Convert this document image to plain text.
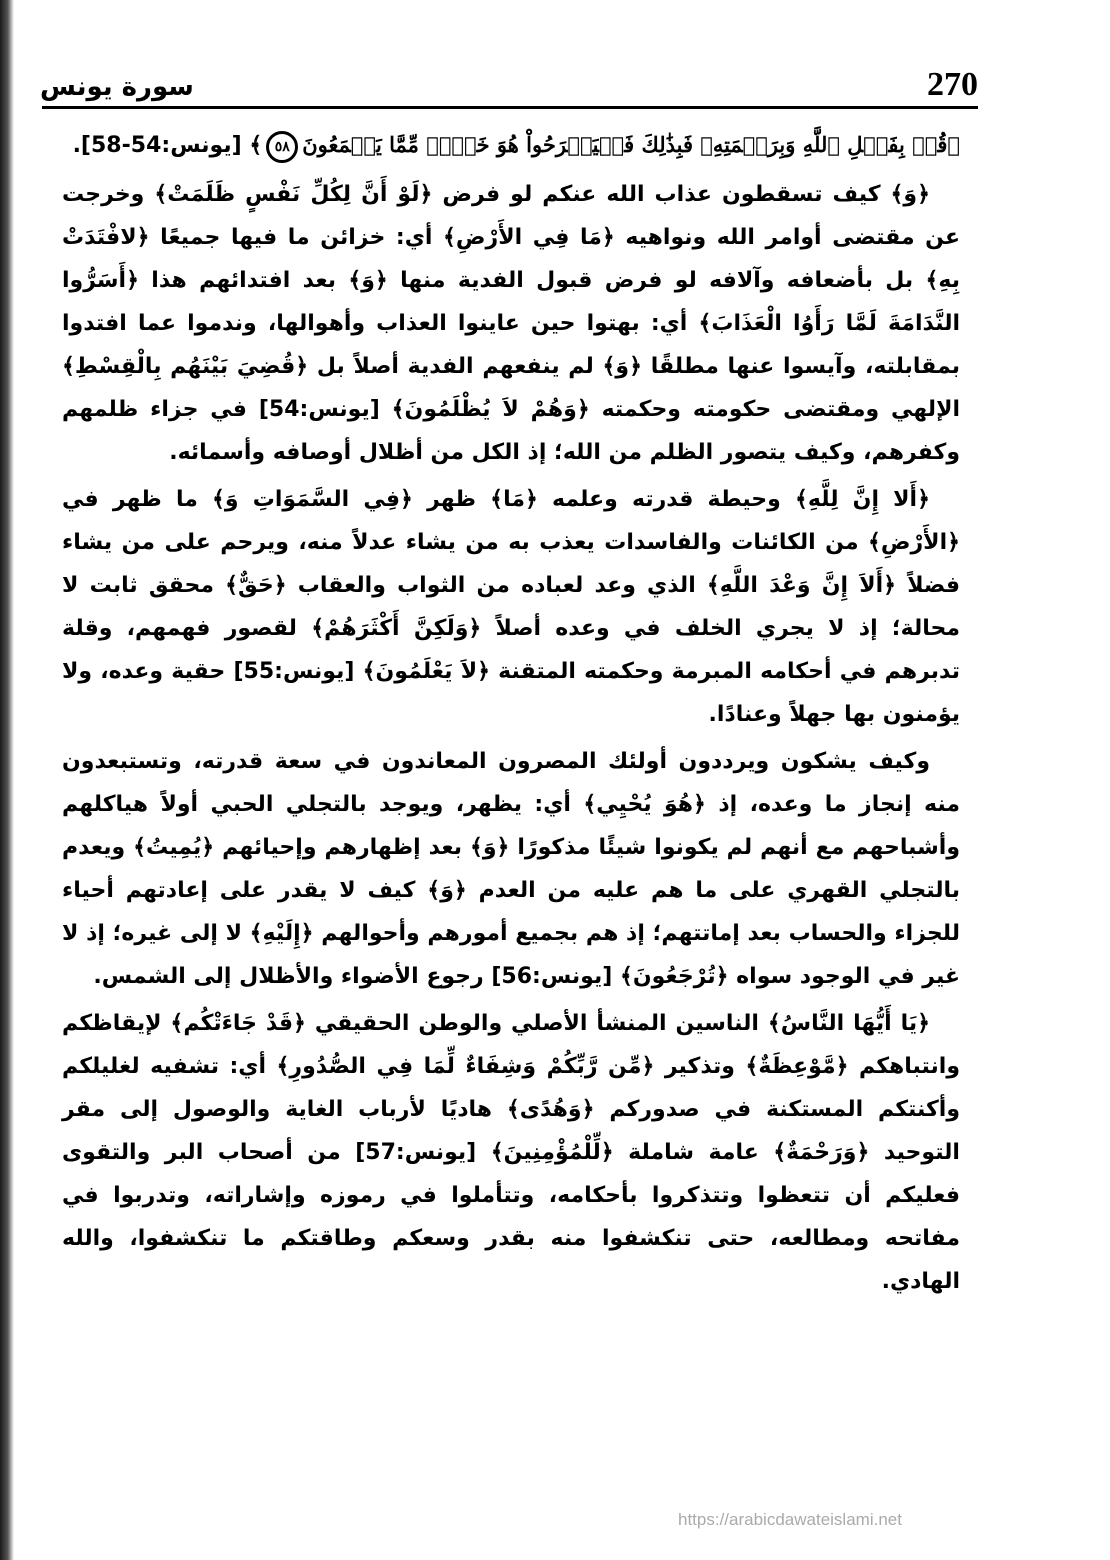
270
سورة يونس
﴿قُلۡ بِفَضۡلِ ٱللَّهِ وَبِرَحۡمَتِهِۦ فَبِذَٰلِكَ فَلۡيَفۡرَحُواْ هُوَ خَيۡرٞ مِّمَّا يَجۡمَعُونَ٥٨﴾ [يونس:54-58].

﴿وَ﴾ كيف تسقطون عذاب الله عنكم لو فرض ﴿لَوْ أَنَّ لِكُلِّ نَفْسٍ ظَلَمَتْ﴾ وخرجت عن مقتضى أوامر الله ونواهيه ﴿مَا فِي الأَرْضِ﴾ أي: خزائن ما فيها جميعًا ﴿لافْتَدَتْ بِهِ﴾ بل بأضعافه وآلافه لو فرض قبول الفدية منها ﴿وَ﴾ بعد افتدائهم هذا ﴿أَسَرُّوا النَّدَامَةَ لَمَّا رَأَوُا الْعَذَابَ﴾ أي: بهتوا حين عاينوا العذاب وأهوالها، وندموا عما افتدوا بمقابلته، وآيسوا عنها مطلقًا ﴿وَ﴾ لم ينفعهم الفدية أصلاً بل ﴿قُضِيَ بَيْنَهُم بِالْقِسْطِ﴾ الإلهي ومقتضى حكومته وحكمته ﴿وَهُمْ لاَ يُظْلَمُونَ﴾ [يونس:54] في جزاء ظلمهم وكفرهم، وكيف يتصور الظلم من الله؛ إذ الكل من أظلال أوصافه وأسمائه.

﴿أَلا إِنَّ لِلَّهِ﴾ وحيطة قدرته وعلمه ﴿مَا﴾ ظهر ﴿فِي السَّمَوَاتِ وَ﴾ ما ظهر في ﴿الأَرْضِ﴾ من الكائنات والفاسدات يعذب به من يشاء عدلاً منه، ويرحم على من يشاء فضلاً ﴿أَلاَ إِنَّ وَعْدَ اللَّهِ﴾ الذي وعد لعباده من الثواب والعقاب ﴿حَقٌّ﴾ محقق ثابت لا محالة؛ إذ لا يجري الخلف في وعده أصلاً ﴿وَلَكِنَّ أَكْثَرَهُمْ﴾ لقصور فهمهم، وقلة تدبرهم في أحكامه المبرمة وحكمته المتقنة ﴿لاَ يَعْلَمُونَ﴾ [يونس:55] حقية وعده، ولا يؤمنون بها جهلاً وعنادًا.

وكيف يشكون ويرددون أولئك المصرون المعاندون في سعة قدرته، وتستبعدون منه إنجاز ما وعده، إذ ﴿هُوَ يُحْيِي﴾ أي: يظهر، ويوجد بالتجلي الحبي أولاً هياكلهم وأشباحهم مع أنهم لم يكونوا شيئًا مذكورًا ﴿وَ﴾ بعد إظهارهم وإحيائهم ﴿يُمِيتُ﴾ ويعدم بالتجلي القهري على ما هم عليه من العدم ﴿وَ﴾ كيف لا يقدر على إعادتهم أحياء للجزاء والحساب بعد إماتتهم؛ إذ هم بجميع أمورهم وأحوالهم ﴿إِلَيْهِ﴾ لا إلى غيره؛ إذ لا غير في الوجود سواه ﴿تُرْجَعُونَ﴾ [يونس:56] رجوع الأضواء والأظلال إلى الشمس.

﴿يَا أَيُّهَا النَّاسُ﴾ الناسين المنشأ الأصلي والوطن الحقيقي ﴿قَدْ جَاءَتْكُم﴾ لإيقاظكم وانتباهكم ﴿مَّوْعِظَةٌ﴾ وتذكير ﴿مِّن رَّبِّكُمْ وَشِفَاءٌ لِّمَا فِي الصُّدُورِ﴾ أي: تشفيه لغليلكم وأكنتكم المستكنة في صدوركم ﴿وَهُدًى﴾ هاديًا لأرباب الغاية والوصول إلى مقر التوحيد ﴿وَرَحْمَةٌ﴾ عامة شاملة ﴿لِّلْمُؤْمِنِينَ﴾ [يونس:57] من أصحاب البر والتقوى فعليكم أن تتعظوا وتتذكروا بأحكامه، وتتأملوا في رموزه وإشاراته، وتدربوا في مفاتحه ومطالعه، حتى تنكشفوا منه بقدر وسعكم وطاقتكم ما تنكشفوا، والله الهادي.

https://arabicdawateislami.net
